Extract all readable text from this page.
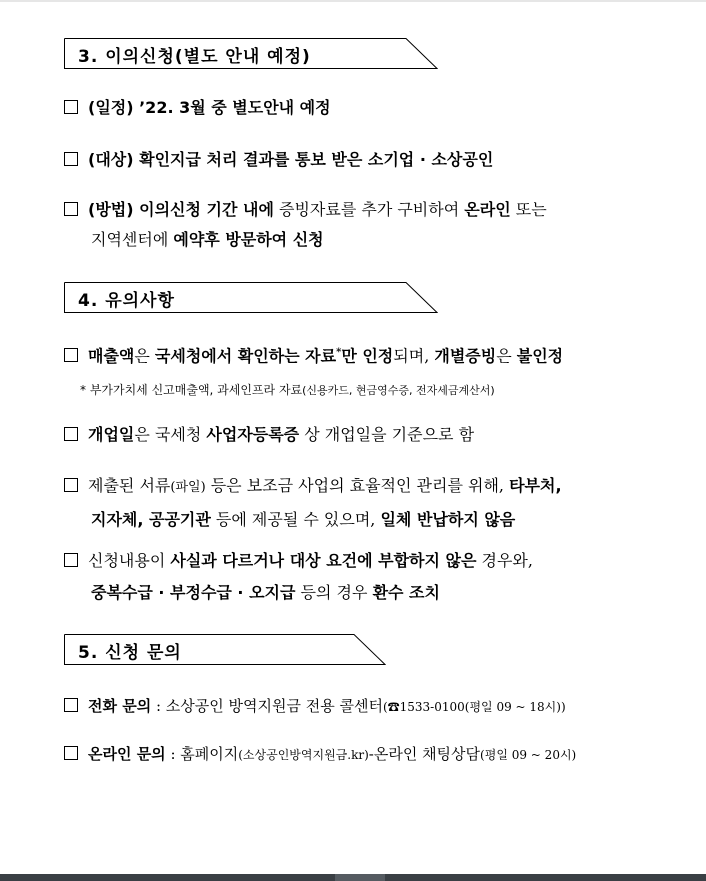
3. 이의신청(별도 안내 예정)
(일정) ’22. 3월 중 별도안내 예정
(대상) 확인지급 처리 결과를 통보 받은 소기업 · 소상공인
(방법) 이의신청 기간 내에 증빙자료를 추가 구비하여 온라인 또는
지역센터에 예약후 방문하여 신청
4. 유의사항
매출액은 국세청에서 확인하는 자료*만 인정되며, 개별증빙은 불인정
* 부가가치세 신고매출액, 과세인프라 자료(신용카드, 현금영수증, 전자세금계산서)
개업일은 국세청 사업자등록증 상 개업일을 기준으로 함
제출된 서류(파일) 등은 보조금 사업의 효율적인 관리를 위해, 타부처,
지자체, 공공기관 등에 제공될 수 있으며, 일체 반납하지 않음
신청내용이 사실과 다르거나 대상 요건에 부합하지 않은 경우와,
중복수급 · 부정수급 · 오지급 등의 경우 환수 조치
5. 신청 문의
전화 문의 : 소상공인 방역지원금 전용 콜센터(☎1533-0100(평일 09 ~ 18시))
온라인 문의 : 홈페이지(소상공인방역지원금.kr)-온라인 채팅상담(평일 09 ~ 20시)
